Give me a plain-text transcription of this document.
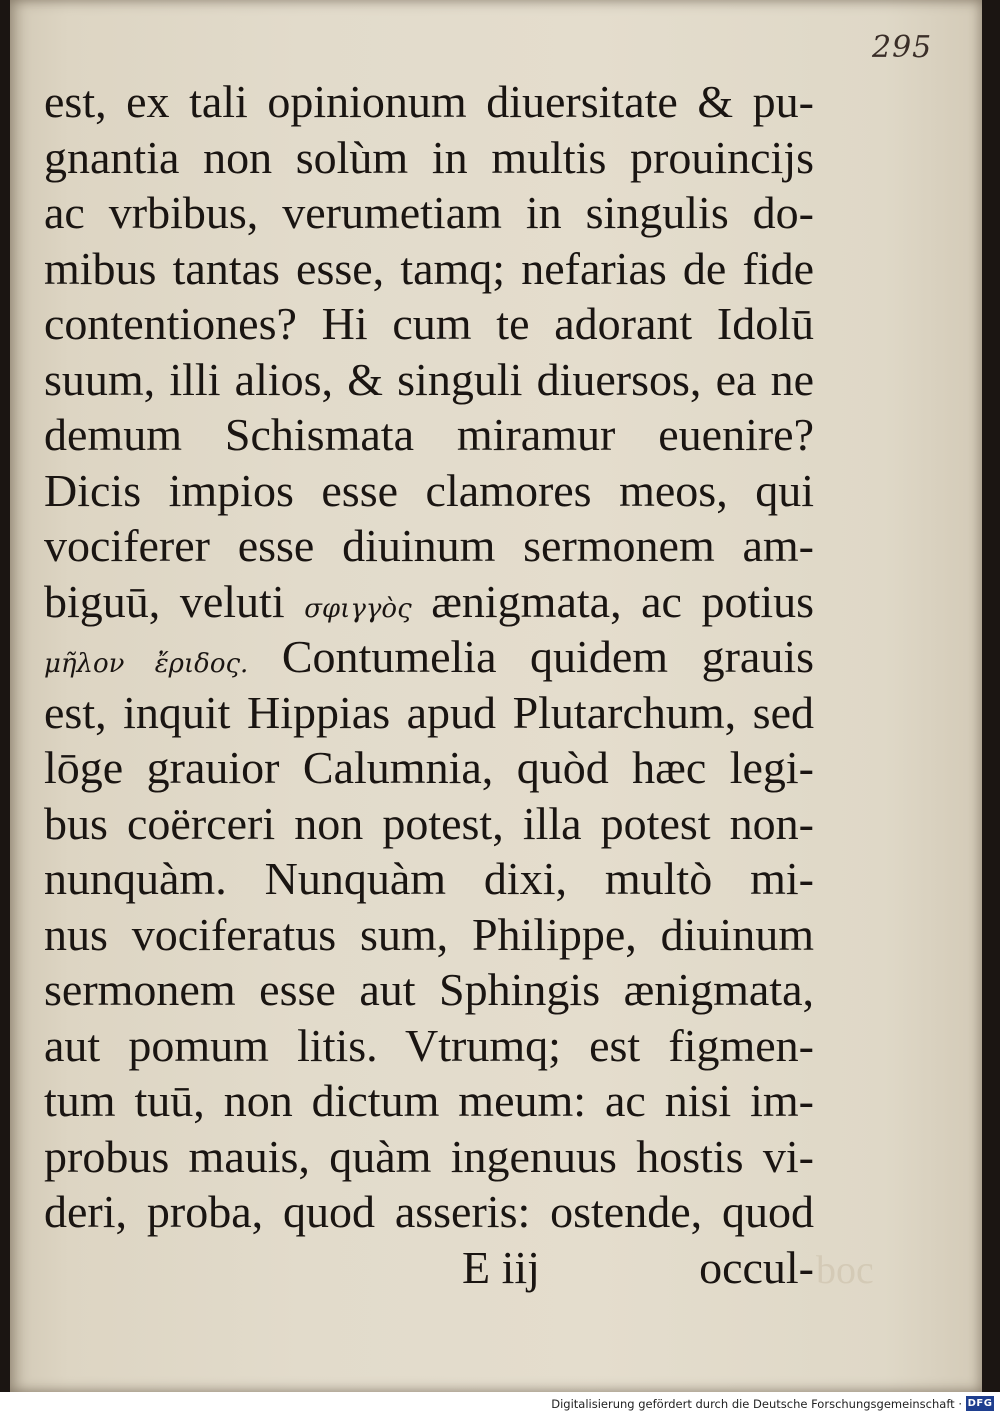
295
est, ex tali opinionum diuersitate & pu-
gnantia non solùm in multis prouincijs
ac vrbibus, verumetiam in singulis do-
mibus tantas esse, tamq; nefarias de fide
contentiones? Hi cum te adorant Idolū
suum, illi alios, & singuli diuersos, ea ne
demum Schismata miramur euenire?
Dicis impios esse clamores meos, qui
vociferer esse diuinum sermonem am-
biguū, veluti σφιγγὸς ænigmata, ac potius
μῆλον ἔριδος. Contumelia quidem grauis
est, inquit Hippias apud Plutarchum, sed
lōge grauior Calumnia, quòd hæc legi-
bus coërceri non potest, illa potest non-
nunquàm. Nunquàm dixi, multò mi-
nus vociferatus sum, Philippe, diuinum
sermonem esse aut Sphingis ænigmata,
aut pomum litis. Vtrumq; est figmen-
tum tuū, non dictum meum: ac nisi im-
probus mauis, quàm ingenuus hostis vi-
deri, proba, quod asseris: ostende, quod
E iij	occul- boc
Digitalisierung gefördert durch die Deutsche Forschungsgemeinschaft · DFG
